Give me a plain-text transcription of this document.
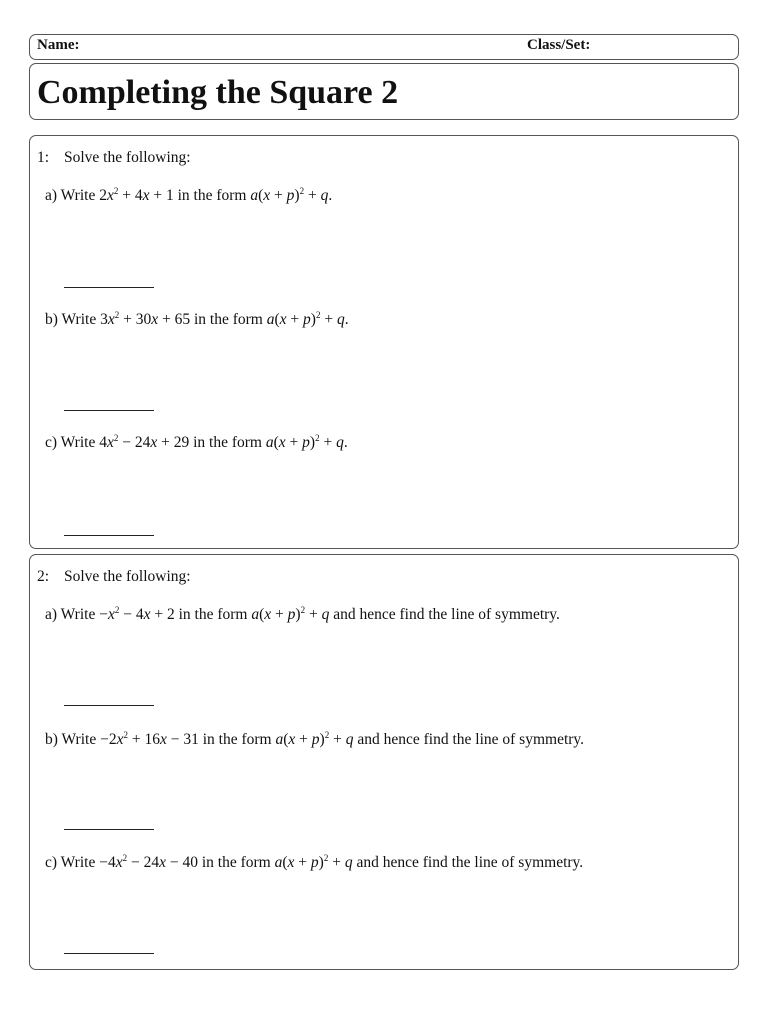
Name:	Class/Set:
Completing the Square 2
1: Solve the following:
a) Write $2x^2 + 4x + 1$ in the form $a(x + p)^2 + q$.
b) Write $3x^2 + 30x + 65$ in the form $a(x + p)^2 + q$.
c) Write $4x^2 - 24x + 29$ in the form $a(x + p)^2 + q$.
2: Solve the following:
a) Write $-x^2 - 4x + 2$ in the form $a(x + p)^2 + q$ and hence find the line of symmetry.
b) Write $-2x^2 + 16x - 31$ in the form $a(x + p)^2 + q$ and hence find the line of symmetry.
c) Write $-4x^2 - 24x - 40$ in the form $a(x + p)^2 + q$ and hence find the line of symmetry.
